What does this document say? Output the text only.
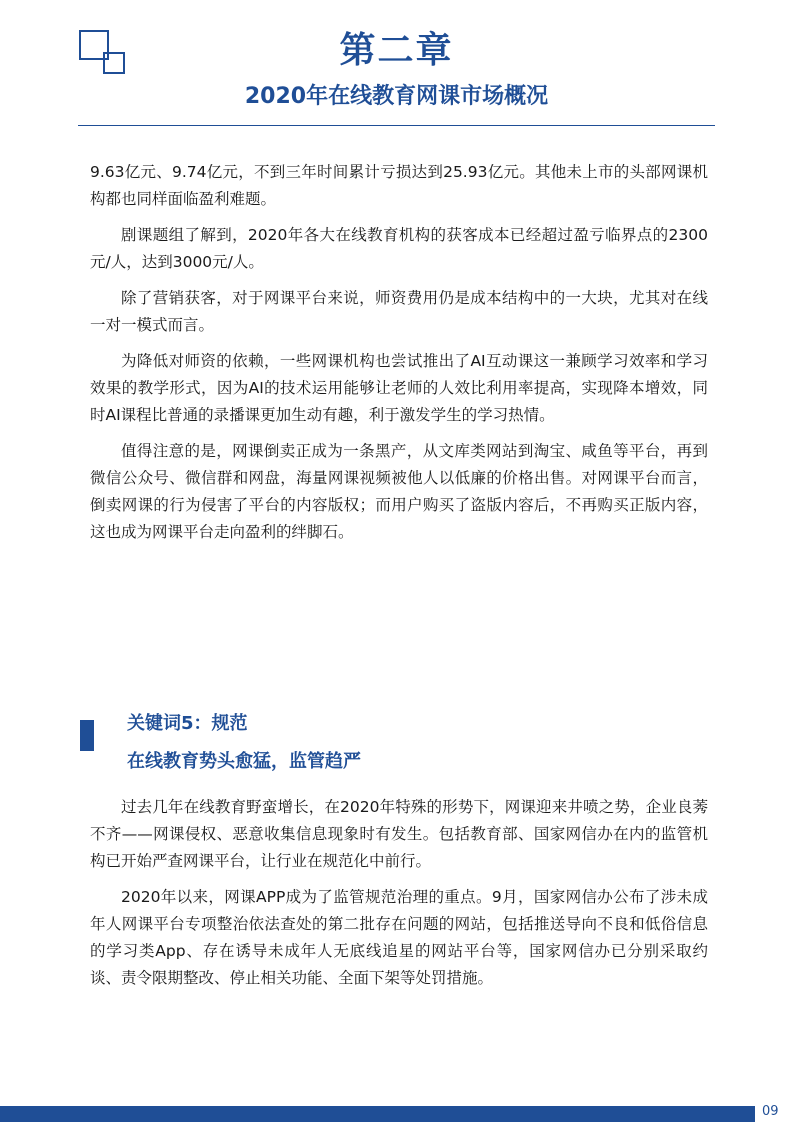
第二章
2020年在线教育网课市场概况

9.63亿元、9.74亿元，不到三年时间累计亏损达到25.93亿元。其他未上市的头部网课机构都也同样面临盈利难题。

剧课题组了解到，2020年各大在线教育机构的获客成本已经超过盈亏临界点的2300元/人，达到3000元/人。

除了营销获客，对于网课平台来说，师资费用仍是成本结构中的一大块，尤其对在线一对一模式而言。

为降低对师资的依赖，一些网课机构也尝试推出了AI互动课这一兼顾学习效率和学习效果的教学形式，因为AI的技术运用能够让老师的人效比利用率提高，实现降本增效，同时AI课程比普通的录播课更加生动有趣，利于激发学生的学习热情。

值得注意的是，网课倒卖正成为一条黑产，从文库类网站到淘宝、咸鱼等平台，再到微信公众号、微信群和网盘，海量网课视频被他人以低廉的价格出售。对网课平台而言，倒卖网课的行为侵害了平台的内容版权；而用户购买了盗版内容后，不再购买正版内容，这也成为网课平台走向盈利的绊脚石。

关键词5：规范
在线教育势头愈猛，监管趋严

过去几年在线教育野蛮增长，在2020年特殊的形势下，网课迎来井喷之势，企业良莠不齐——网课侵权、恶意收集信息现象时有发生。包括教育部、国家网信办在内的监管机构已开始严查网课平台，让行业在规范化中前行。

2020年以来，网课APP成为了监管规范治理的重点。9月，国家网信办公布了涉未成年人网课平台专项整治依法查处的第二批存在问题的网站，包括推送导向不良和低俗信息的学习类App、存在诱导未成年人无底线追星的网站平台等，国家网信办已分别采取约谈、责令限期整改、停止相关功能、全面下架等处罚措施。

09
